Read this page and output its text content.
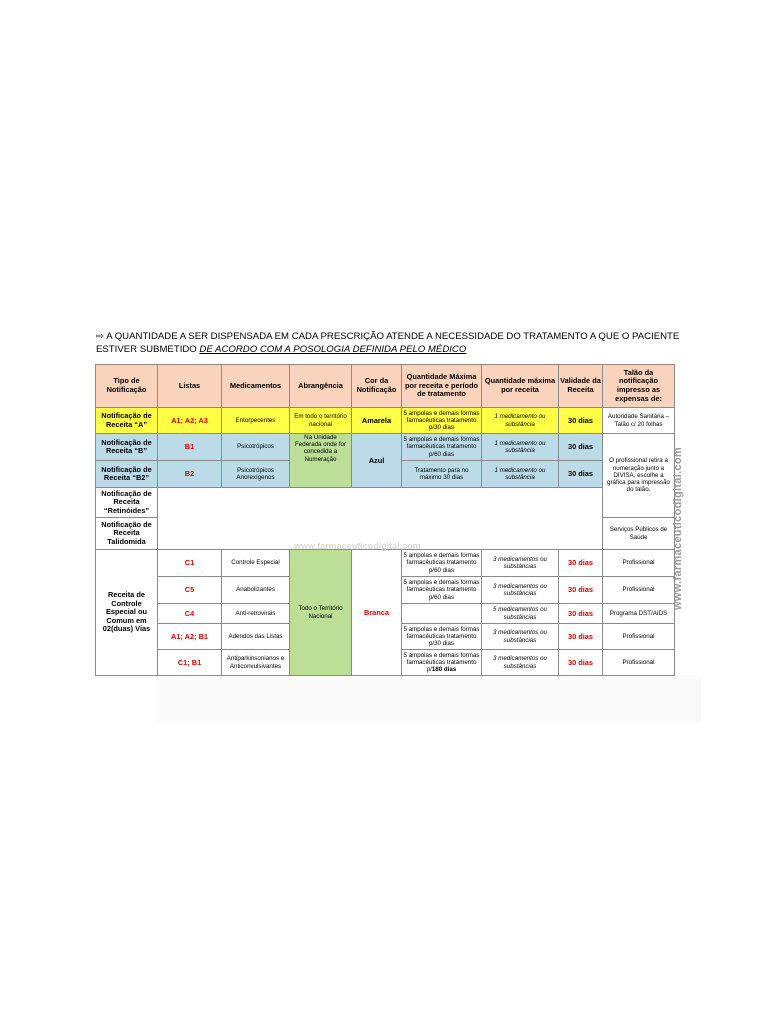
⇨ A QUANTIDADE A SER DISPENSADA EM CADA PRESCRIÇÃO ATENDE A NECESSIDADE DO TRATAMENTO A QUE O PACIENTE
ESTIVER SUBMETIDO DE ACORDO COM A POSOLOGIA DEFINIDA PELO MÉDICO
Tipo de Notificação	Listas	Medicamentos	Abrangência	Cor da Notificação	Quantidade Máxima por receita e período de tratamento	Quantidade máxima por receita	Validade da Receita	Talão da notificação impresso as expensas de:
Notificação de Receita “A”	A1; A2; A3	Entorpecentes	Em todo o território nacional	Amarela	5 ampolas e demais formas farmacêuticas tratamento p/30 dias	1 medicamento ou substância	30 dias	Autoridade Sanitária – Talão c/ 20 folhas
Notificação de Receita “B”	B1	Psicotrópicos	Na Unidade Federada onde for concedida a Numeração	Azul	5 ampolas e demais formas farmacêuticas tratamento p/60 dias	1 medicamento ou substância	30 dias	O profissional retira a numeração junto a DIVISA, escolhe a gráfica para impressão do talão.
Notificação de Receita “B2”	B2	Psicotrópicos Anorexígenos			Tratamento para no máximo 30 dias	1 medicamento ou substância	30 dias	
Notificação de Receita “Retinóides”								
Notificação de Receita Talidomida								Serviços Públicos de Saúde
Receita de Controle Especial ou Comum em 02(duas) Vias	C1	Controle Especial	Todo o Território Nacional	Branca	5 ampolas e demais formas farmacêuticas tratamento p/60 dias	3 medicamentos ou substâncias	30 dias	Profissional
	C5	Anabolizantes			5 ampolas e demais formas farmacêuticas tratamento p/60 dias	3 medicamentos ou substâncias	30 dias	Profissional
	C4	Anti-retrovirais				5 medicamentos ou substâncias	30 dias	Programa DST/AIDS
	A1; A2; B1	Adendos das Listas			5 ampolas e demais formas farmacêuticas tratamento p/30 dias	3 medicamentos ou substâncias	30 dias	Profissional
	C1; B1	Antiparkinsonianos e Anticonvulsivantes			5 ampolas e demais formas farmacêuticas tratamento p/180 dias	3 medicamentos ou substâncias	30 dias	Profissional
www.farmaceuticodigital.com	www.farmaceuticodigital.com
